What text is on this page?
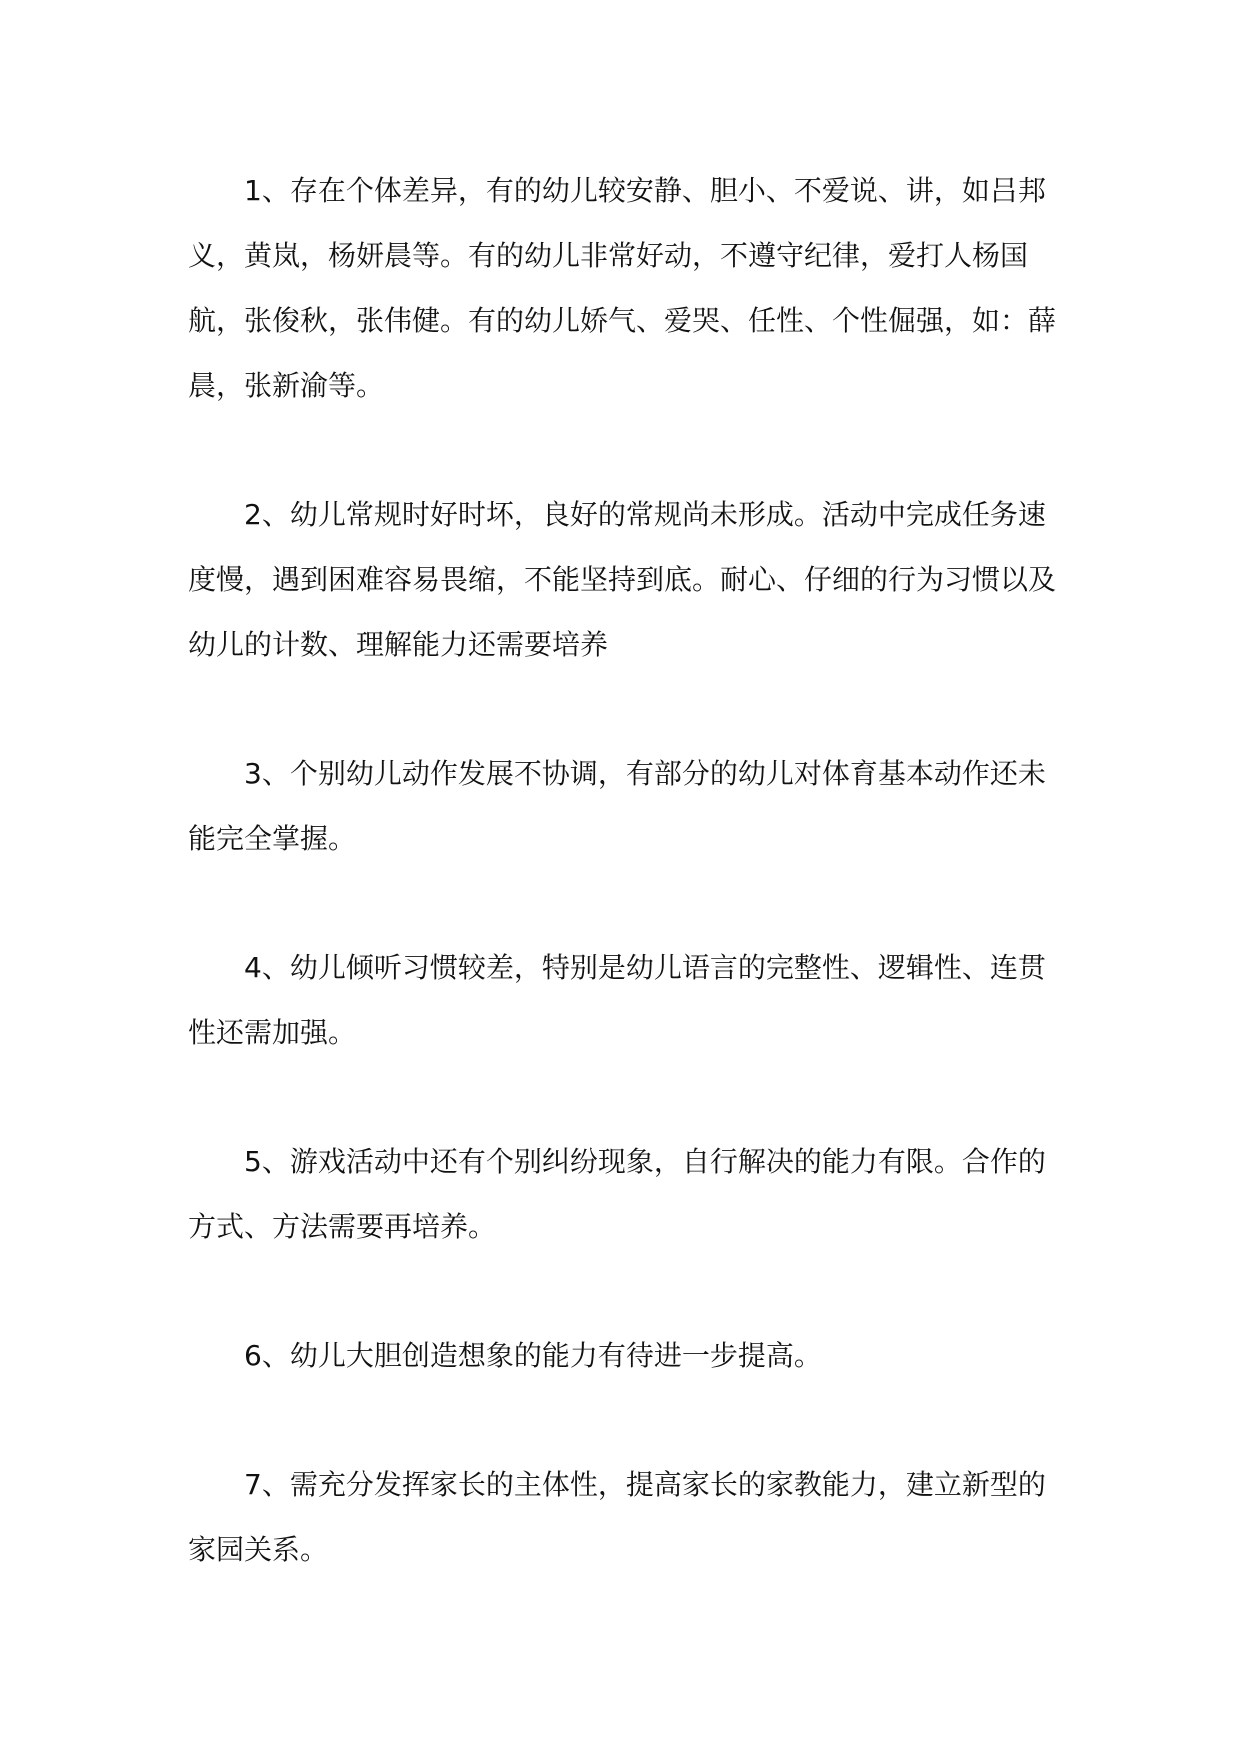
1、存在个体差异，有的幼儿较安静、胆小、不爱说、讲，如吕邦义，黄岚，杨妍晨等。有的幼儿非常好动，不遵守纪律，爱打人杨国航，张俊秋，张伟健。有的幼儿娇气、爱哭、任性、个性倔强，如：薛晨，张新渝等。

2、幼儿常规时好时坏，良好的常规尚未形成。活动中完成任务速度慢，遇到困难容易畏缩，不能坚持到底。耐心、仔细的行为习惯以及幼儿的计数、理解能力还需要培养

3、个别幼儿动作发展不协调，有部分的幼儿对体育基本动作还未能完全掌握。

4、幼儿倾听习惯较差，特别是幼儿语言的完整性、逻辑性、连贯性还需加强。

5、游戏活动中还有个别纠纷现象，自行解决的能力有限。合作的方式、方法需要再培养。

6、幼儿大胆创造想象的能力有待进一步提高。

7、需充分发挥家长的主体性，提高家长的家教能力，建立新型的家园关系。
